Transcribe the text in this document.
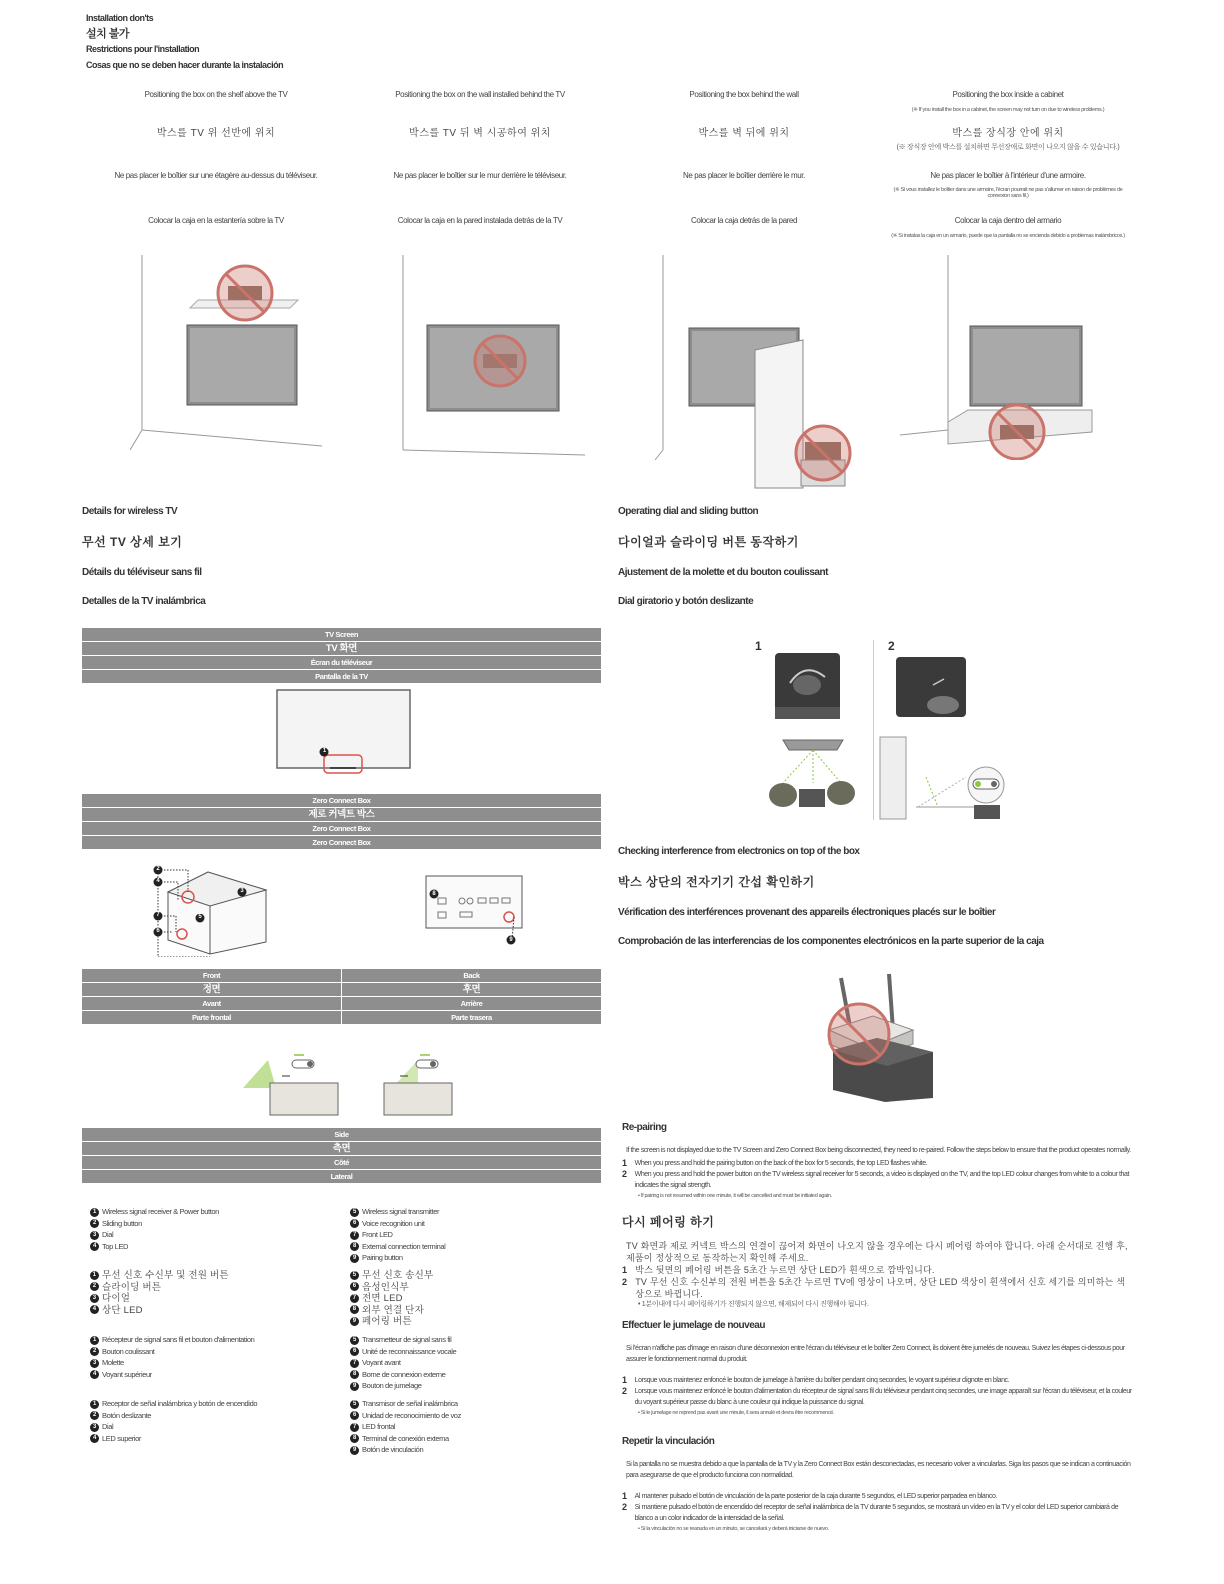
Installation don'ts
설치 불가
Restrictions pour l'installation
Cosas que no se deben hacer durante la instalación
Positioning the box on the shelf above the TV
박스를 TV 위 선반에 위치
Ne pas placer le boîtier sur une étagère au-dessus du téléviseur.
Colocar la caja en la estantería sobre la TV
Positioning the box on the wall installed behind the TV
박스를 TV 뒤 벽 시공하여 위치
Ne pas placer le boîtier sur le mur derrière le téléviseur.
Colocar la caja en la pared instalada detrás de la TV
Positioning the box behind the wall
박스를 벽 뒤에 위치
Ne pas placer le boîtier derrière le mur.
Colocar la caja detrás de la pared
Positioning the box inside a cabinet
(※ If you install the box in a cabinet, the screen may not turn on due to wireless problems.)
박스를 장식장 안에 위치
(※ 장식장 안에 박스를 설치하면 무선장애로 화면이 나오지 않을 수 있습니다.)
Ne pas placer le boîtier à l'intérieur d'une armoire.
(※ Si vous installez le boîtier dans une armoire, l'écran pourrait ne pas s'allumer en raison de problèmes de connexion sans fil.)
Colocar la caja dentro del armario
(※ Si instalas la caja en un armario, puede que la pantalla no se encienda debido a problemas inalámbricos.)
Details for wireless TV
무선 TV 상세 보기
Détails du téléviseur sans fil
Detalles de la TV inalámbrica
TV Screen
TV 화면
Écran du téléviseur
Pantalla de la TV
1
Zero Connect Box
제로 커넥트 박스
Zero Connect Box
Zero Connect Box
2
4
3
7	5
6
8
9
Front
정면
Avant
Parte frontal
Back
후면
Arrière
Parte trasera
Side
측면
Côté
Lateral
1 Wireless signal receiver & Power button
2 Sliding button
3 Dial
4 Top LED
5 Wireless signal transmitter
6 Voice recognition unit
7 Front LED
8 External connection terminal
9 Pairing button
1 무선 신호 수신부 및 전원 버튼
2 슬라이딩 버튼
3 다이얼
4 상단 LED
5 무선 신호 송신부
6 음성인식부
7 전면 LED
8 외부 연결 단자
9 페어링 버튼
1 Récepteur de signal sans fil et bouton d'alimentation
2 Bouton coulissant
3 Molette
4 Voyant supérieur
5 Transmetteur de signal sans fil
6 Unité de reconnaissance vocale
7 Voyant avant
8 Borne de connexion externe
9 Bouton de jumelage
1 Receptor de señal inalámbrica y botón de encendido
2 Botón deslizante
3 Dial
4 LED superior
5 Transmisor de señal inalámbrica
6 Unidad de reconocimiento de voz
7 LED frontal
8 Terminal de conexión externa
9 Botón de vinculación
Operating dial and sliding button
다이얼과 슬라이딩 버튼 동작하기
Ajustement de la molette et du bouton coulissant
Dial giratorio y botón deslizante
1	2
Checking interference from electronics on top of the box
박스 상단의 전자기기 간섭 확인하기
Vérification des interférences provenant des appareils électroniques placés sur le boîtier
Comprobación de las interferencias de los componentes electrónicos en la parte superior de la caja
Re-pairing
If the screen is not displayed due to the TV Screen and Zero Connect Box being disconnected, they need to re-paired. Follow the steps below to ensure that the product operates normally.
1 When you press and hold the pairing button on the back of the box for 5 seconds, the top LED flashes white.
2 When you press and hold the power button on the TV wireless signal receiver for 5 seconds, a video is displayed on the TV, and the top LED colour changes from white to a colour that indicates the signal strength.
• If pairing is not resumed within one minute, it will be cancelled and must be initiated again.
다시 페어링 하기
TV 화면과 제로 커넥트 박스의 연결이 끊어져 화면이 나오지 않을 경우에는 다시 페어링 하여야 합니다. 아래 순서대로 진행 후, 제품이 정상적으로 동작하는지 확인해 주세요.
1 박스 뒷면의 페어링 버튼을 5초간 누르면 상단 LED가 흰색으로 깜박입니다.
2 TV 무선 신호 수신부의 전원 버튼을 5초간 누르면 TV에 영상이 나오며, 상단 LED 색상이 흰색에서 신호 세기를 의미하는 색상으로 바뀝니다.
• 1분이내에 다시 페어링하기가 진행되지 않으면, 해제되어 다시 진행해야 됩니다.
Effectuer le jumelage de nouveau
Si l'écran n'affiche pas d'image en raison d'une déconnexion entre l'écran du téléviseur et le boîtier Zero Connect, ils doivent être jumelés de nouveau. Suivez les étapes ci-dessous pour assurer le fonctionnement normal du produit.
1 Lorsque vous maintenez enfoncé le bouton de jumelage à l'arrière du boîtier pendant cinq secondes, le voyant supérieur clignote en blanc.
2 Lorsque vous maintenez enfoncé le bouton d'alimentation du récepteur de signal sans fil du téléviseur pendant cinq secondes, une image apparaît sur l'écran du téléviseur, et la couleur du voyant supérieur passe du blanc à une couleur qui indique la puissance du signal.
• Si le jumelage ne reprend pas avant une minute, il sera annulé et devra être recommencé.
Repetir la vinculación
Si la pantalla no se muestra debido a que la pantalla de la TV y la Zero Connect Box están desconectadas, es necesario volver a vincularlas. Siga los pasos que se indican a continuación para asegurarse de que el producto funciona con normalidad.
1 Al mantener pulsado el botón de vinculación de la parte posterior de la caja durante 5 segundos, el LED superior parpadea en blanco.
2 Si mantiene pulsado el botón de encendido del receptor de señal inalámbrica de la TV durante 5 segundos, se mostrará un vídeo en la TV y el color del LED superior cambiará de blanco a un color indicador de la intensidad de la señal.
• Si la vinculación no se reanuda en un minuto, se cancelará y deberá iniciarse de nuevo.
